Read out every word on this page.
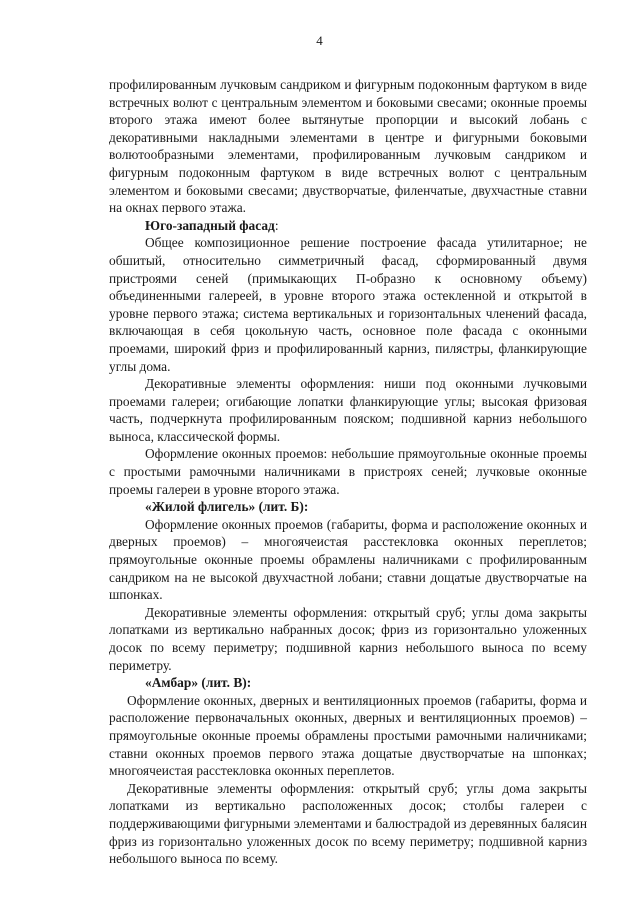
4

профилированным лучковым сандриком и фигурным подоконным фартуком в виде встречных волют с центральным элементом и боковыми свесами; оконные проемы второго этажа имеют более вытянутые пропорции и высокий лобань с декоративными накладными элементами в центре и фигурными боковыми волютообразными элементами, профилированным лучковым сандриком и фигурным подоконным фартуком в виде встречных волют с центральным элементом и боковыми свесами; двустворчатые, филенчатые, двухчастные ставни на окнах первого этажа.

Юго-западный фасад:

Общее композиционное решение построение фасада утилитарное; не обшитый, относительно симметричный фасад, сформированный двумя пристроями сеней (примыкающих П-образно к основному объему) объединенными галереей, в уровне второго этажа остекленной и открытой в уровне первого этажа; система вертикальных и горизонтальных членений фасада, включающая в себя цокольную часть, основное поле фасада с оконными проемами, широкий фриз и профилированный карниз, пилястры, фланкирующие углы дома.

Декоративные элементы оформления: ниши под оконными лучковыми проемами галереи; огибающие лопатки фланкирующие углы; высокая фризовая часть, подчеркнута профилированным пояском; подшивной карниз небольшого выноса, классической формы.

Оформление оконных проемов: небольшие прямоугольные оконные проемы с простыми рамочными наличниками в пристроях сеней; лучковые оконные проемы галереи в уровне второго этажа.

«Жилой флигель» (лит. Б):

Оформление оконных проемов (габариты, форма и расположение оконных и дверных проемов) – многоячеистая расстекловка оконных переплетов; прямоугольные оконные проемы обрамлены наличниками с профилированным сандриком на не высокой двухчастной лобани; ставни дощатые двустворчатые на шпонках.

Декоративные элементы оформления: открытый сруб; углы дома закрыты лопатками из вертикально набранных досок; фриз из горизонтально уложенных досок по всему периметру; подшивной карниз небольшого выноса по всему периметру.

«Амбар» (лит. В):

Оформление оконных, дверных и вентиляционных проемов (габариты, форма и расположение первоначальных оконных, дверных и вентиляционных проемов) – прямоугольные оконные проемы обрамлены простыми рамочными наличниками; ставни оконных проемов первого этажа дощатые двустворчатые на шпонках; многоячеистая расстекловка оконных переплетов.

Декоративные элементы оформления: открытый сруб; углы дома закрыты лопатками из вертикально расположенных досок; столбы галереи с поддерживающими фигурными элементами и балюстрадой из деревянных балясин фриз из горизонтально уложенных досок по всему периметру; подшивной карниз небольшого выноса по всему.
